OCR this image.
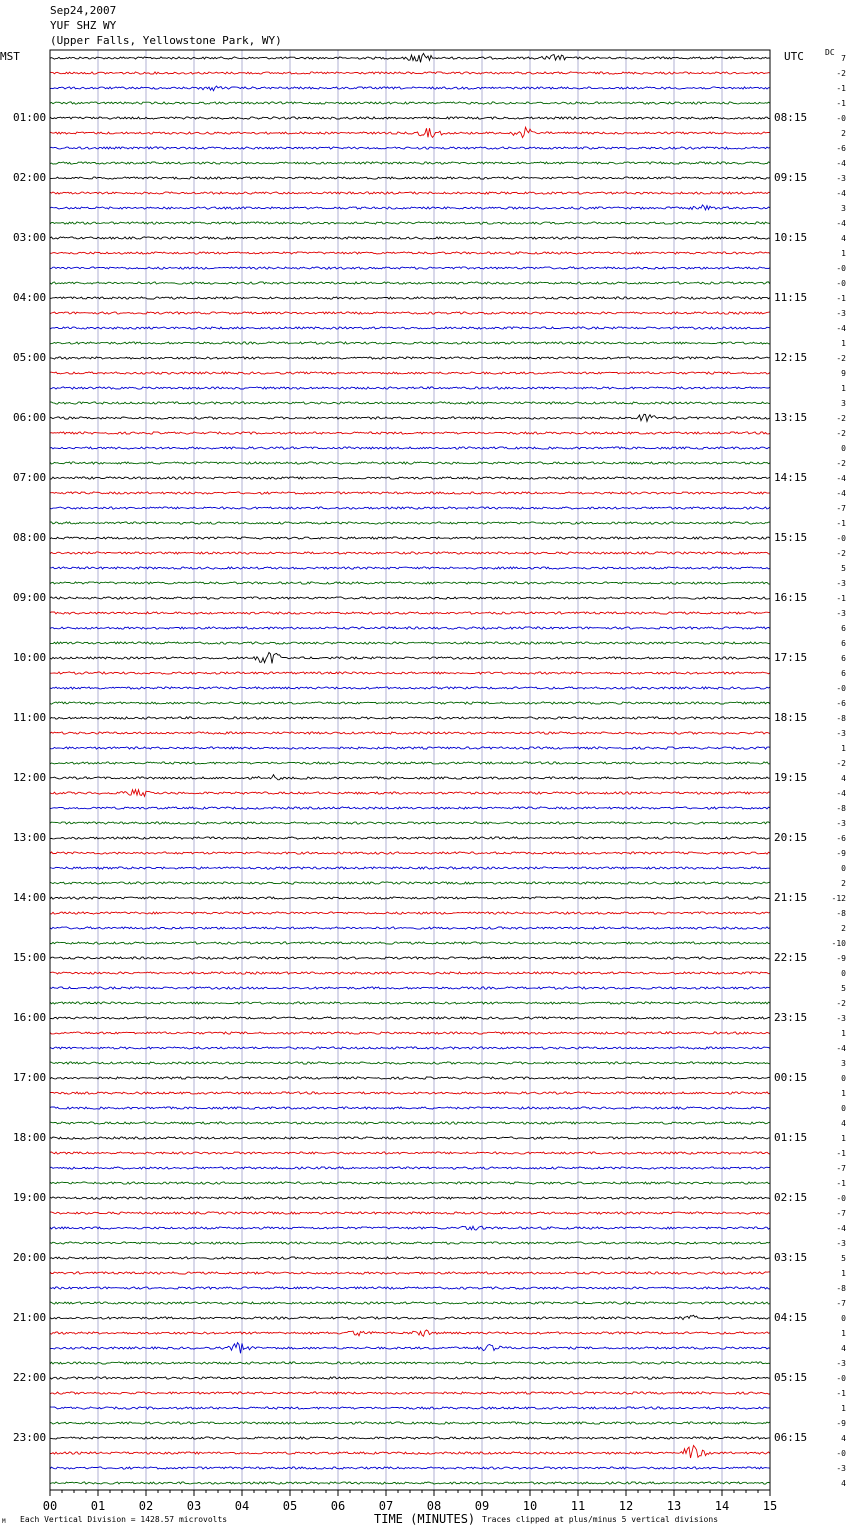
00	01	02	03	04	05	06	07	08	09	10	11	12	13	14	15
Sep24,2007
YUF SHZ WY
(Upper Falls, Yellowstone Park, WY)
MST	UTC	DC
01:00
02:00
03:00
04:00
05:00
06:00
07:00
08:00
09:00
10:00
11:00
12:00
13:00
14:00
15:00
16:00
17:00
18:00
19:00
20:00
21:00
22:00
23:00
08:15
09:15
10:15
11:15
12:15
13:15
14:15
15:15
16:15
17:15
18:15
19:15
20:15
21:15
22:15
23:15
00:15
01:15
02:15
03:15
04:15
05:15
06:15
7
-2
-1
-1
-0
2
-6
-4
-3
-4
3
-4
4
1
-0
-0
-1
-3
-4
1
-2
9
1
3
-2
-2
0
-2
-4
-4
-7
-1
-0
-2
5
-3
-1
-3
6
6
6
6
-0
-6
-8
-3
1
-2
4
-4
-8
-3
-6
-9
0
2
-12
-8
2
-10
-9
0
5
-2
-3
1
-4
3
0
1
0
4
1
-1
-7
-1
-0
-7
-4
-3
5
1
-8
-7
0
1
4
-3
-0
-1
1
-9
4
-0
-3
4
TIME (MINUTES)
Each Vertical Division = 1428.57 microvolts	Traces clipped at plus/minus 5 vertical divisions
M
